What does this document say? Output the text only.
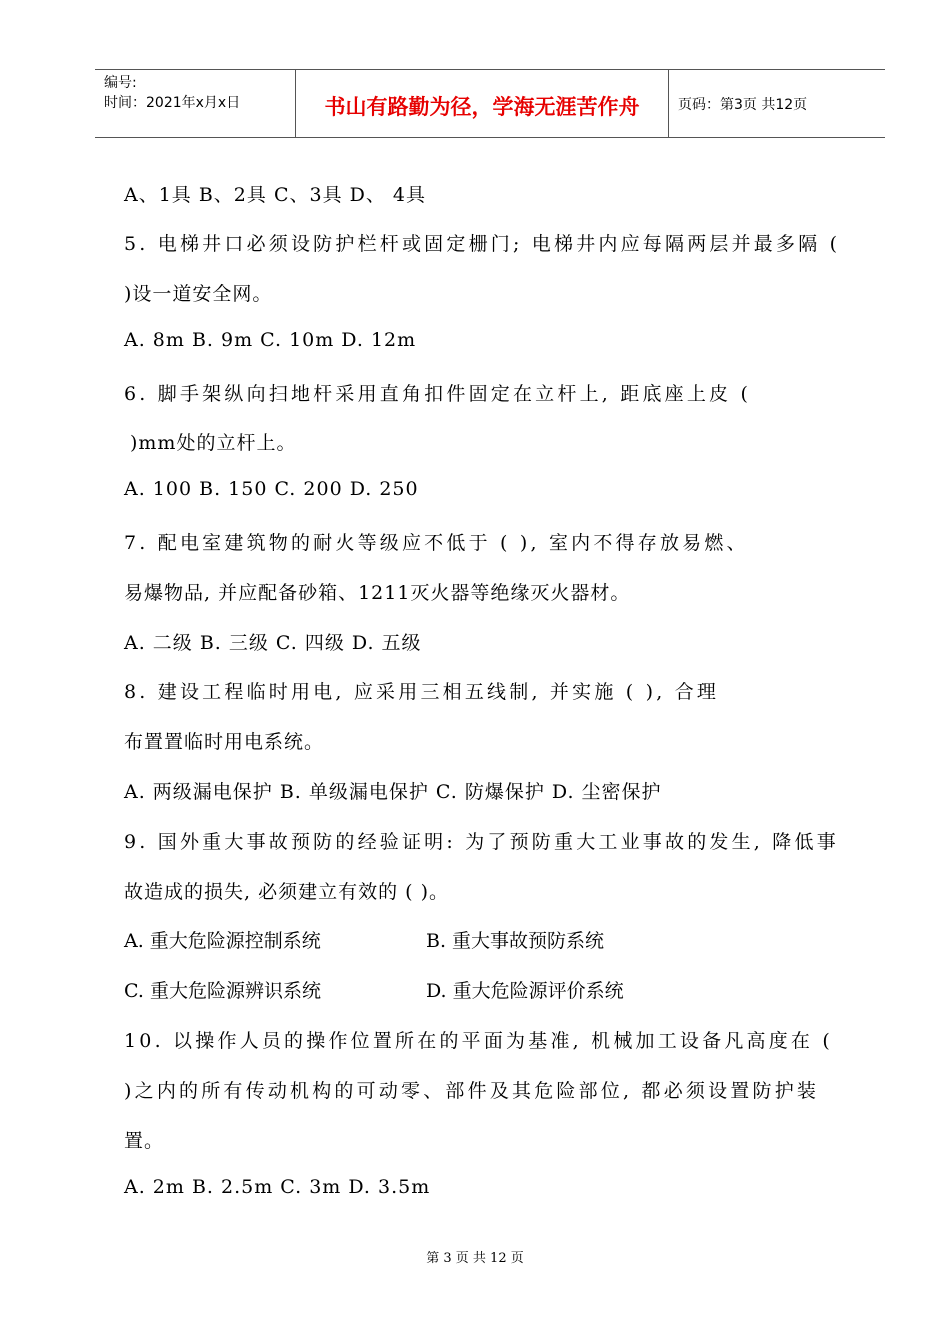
编号:
时间：2021年x月x日	书山有路勤为径，学海无涯苦作舟	页码：第3页 共12页
A、1具 B、2具 C、3具 D、 4具
5. 电梯井口必须设防护栏杆或固定栅门; 电梯井内应每隔两层并最多隔 (
)设一道安全网。
A. 8m B. 9m C. 10m D. 12m
6. 脚手架纵向扫地杆采用直角扣件固定在立杆上, 距底座上皮 (
)mm处的立杆上。
A. 100 B. 150 C. 200 D. 250
7. 配电室建筑物的耐火等级应不低于 ( ), 室内不得存放易燃、
易爆物品, 并应配备砂箱、1211灭火器等绝缘灭火器材。
A. 二级 B. 三级 C. 四级 D. 五级
8. 建设工程临时用电, 应采用三相五线制, 并实施 ( ), 合理
布置置临时用电系统。
A. 两级漏电保护 B. 单级漏电保护 C. 防爆保护 D. 尘密保护
9. 国外重大事故预防的经验证明: 为了预防重大工业事故的发生, 降低事
故造成的损失, 必须建立有效的 ( )。
A. 重大危险源控制系统	B. 重大事故预防系统
C. 重大危险源辨识系统	D. 重大危险源评价系统
10. 以操作人员的操作位置所在的平面为基准, 机械加工设备凡高度在 (
)之内的所有传动机构的可动零、部件及其危险部位, 都必须设置防护装
置。
A. 2m B. 2.5m C. 3m D. 3.5m
第 3 页 共 12 页
